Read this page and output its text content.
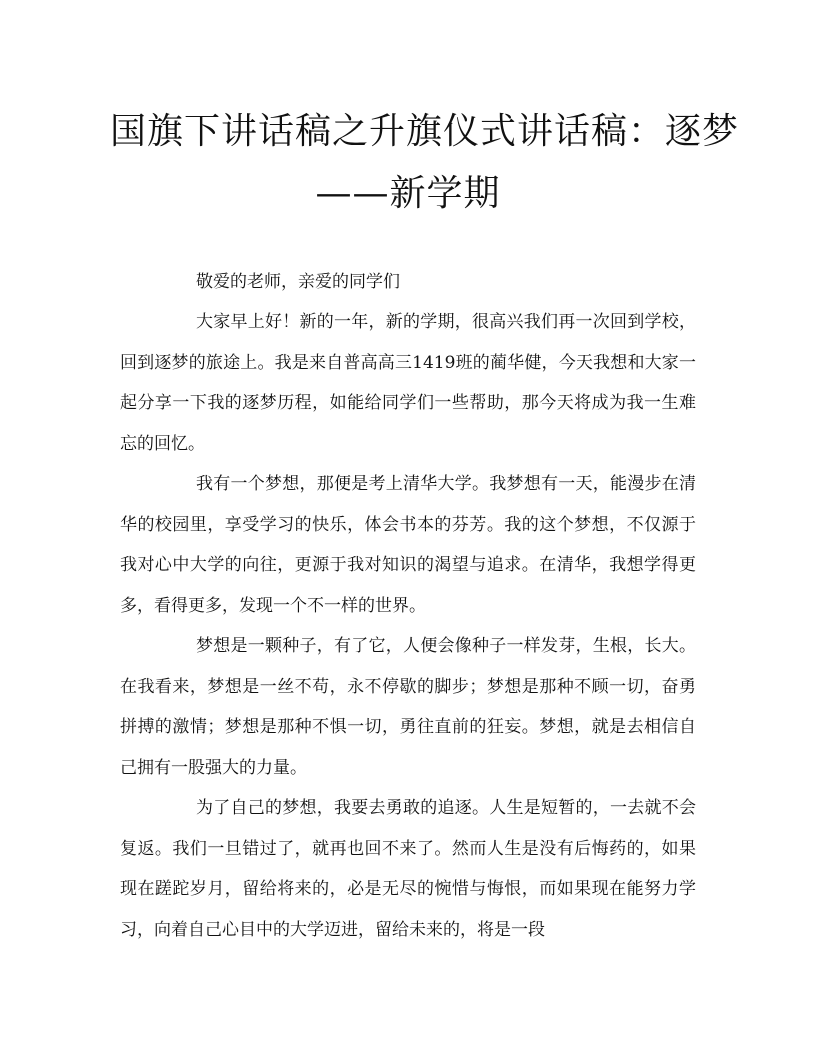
国旗下讲话稿之升旗仪式讲话稿：逐梦
——新学期

敬爱的老师，亲爱的同学们

大家早上好！新的一年，新的学期，很高兴我们再一次回到学校，回到逐梦的旅途上。我是来自普高高三1419班的蔺华健，今天我想和大家一起分享一下我的逐梦历程，如能给同学们一些帮助，那今天将成为我一生难忘的回忆。

我有一个梦想，那便是考上清华大学。我梦想有一天，能漫步在清华的校园里，享受学习的快乐，体会书本的芬芳。我的这个梦想，不仅源于我对心中大学的向往，更源于我对知识的渴望与追求。在清华，我想学得更多，看得更多，发现一个不一样的世界。

梦想是一颗种子，有了它，人便会像种子一样发芽，生根，长大。在我看来，梦想是一丝不苟，永不停歇的脚步；梦想是那种不顾一切，奋勇拼搏的激情；梦想是那种不惧一切，勇往直前的狂妄。梦想，就是去相信自己拥有一股强大的力量。

为了自己的梦想，我要去勇敢的追逐。人生是短暂的，一去就不会复返。我们一旦错过了，就再也回不来了。然而人生是没有后悔药的，如果现在蹉跎岁月，留给将来的，必是无尽的惋惜与悔恨，而如果现在能努力学习，向着自己心目中的大学迈进，留给未来的，将是一段
